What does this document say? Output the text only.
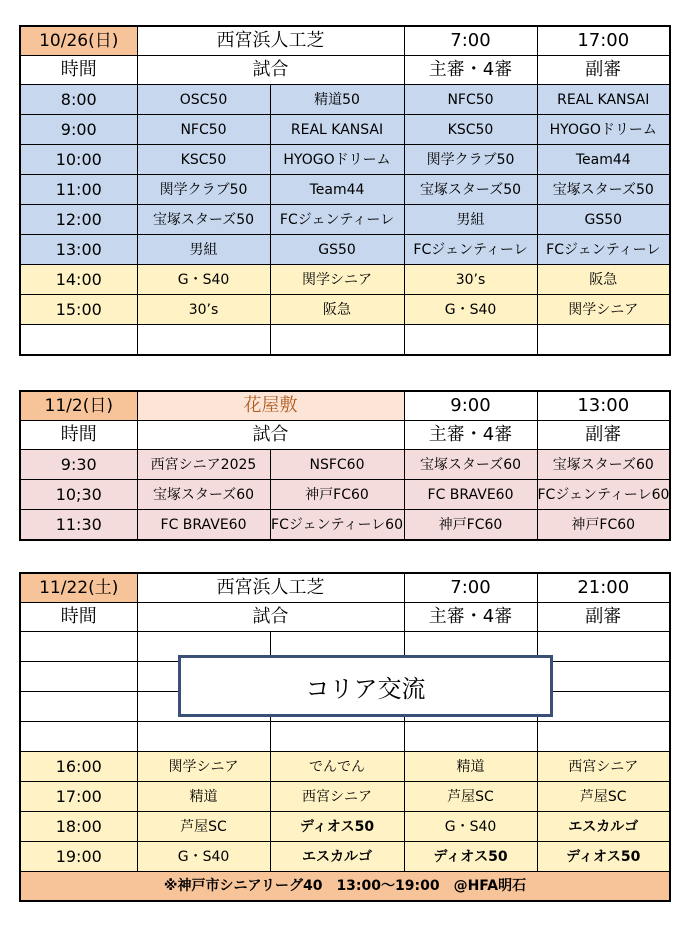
10/26(日)	西宮浜人工芝		7:00	17:00
時間	試合		主審・4審	副審
8:00	OSC50	精道50	NFC50	REAL KANSAI
9:00	NFC50	REAL KANSAI	KSC50	HYOGOドリーム
10:00	KSC50	HYOGOドリーム	関学クラブ50	Team44
11:00	関学クラブ50	Team44	宝塚スターズ50	宝塚スターズ50
12:00	宝塚スターズ50	FCジェンティーレ	男組	GS50
13:00	男組	GS50	FCジェンティーレ	FCジェンティーレ
14:00	G・S40	関学シニア	30’s	阪急
15:00	30’s	阪急	G・S40	関学シニア

11/2(日)	花屋敷		9:00	13:00
時間	試合		主審・4審	副審
9:30	西宮シニア2025	NSFC60	宝塚スターズ60	宝塚スターズ60
10;30	宝塚スターズ60	神戸FC60	FC BRAVE60	FCジェンティーレ60
11:30	FC BRAVE60	FCジェンティーレ60	神戸FC60	神戸FC60
11/22(土)	西宮浜人工芝		7:00	21:00
時間	試合		主審・4審	副審

16:00	関学シニア	でんでん	精道	西宮シニア
17:00	精道	西宮シニア	芦屋SC	芦屋SC
18:00	芦屋SC	ディオス50	G・S40	エスカルゴ
19:00	G・S40	エスカルゴ	ディオス50	ディオス50
※神戸市シニアリーグ40　13:00～19:00　@HFA明石				
コリア交流
